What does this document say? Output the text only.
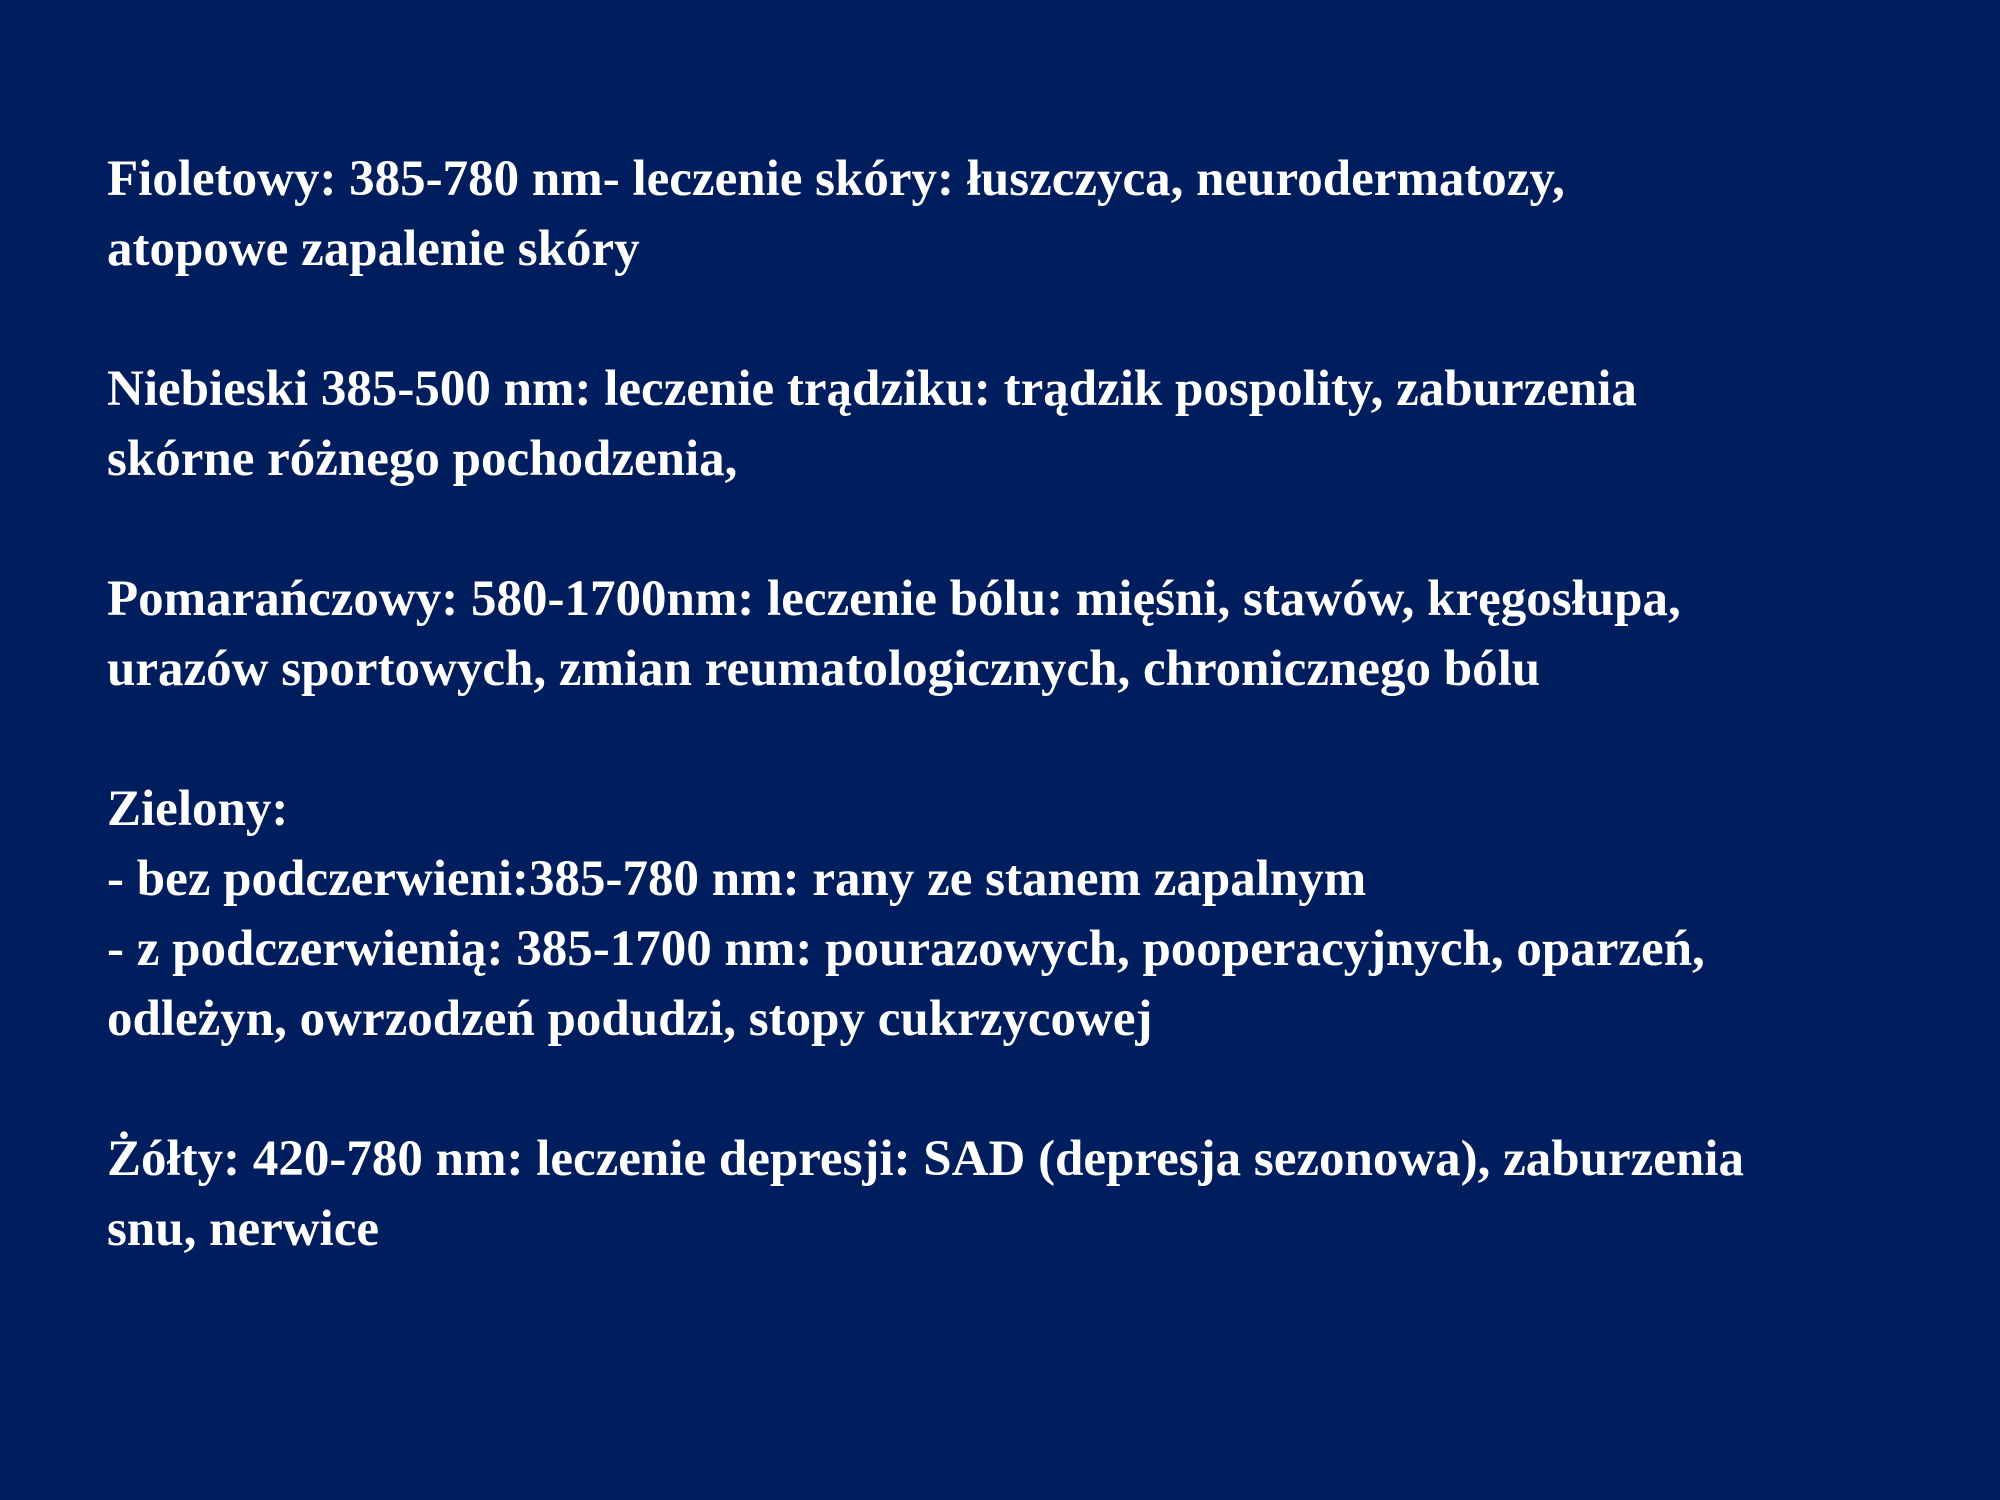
Fioletowy: 385-780 nm- leczenie skóry: łuszczyca, neurodermatozy,
atopowe zapalenie skóry
Niebieski 385-500 nm: leczenie trądziku: trądzik pospolity, zaburzenia
skórne różnego pochodzenia,
Pomarańczowy: 580-1700nm: leczenie bólu: mięśni, stawów, kręgosłupa,
urazów sportowych, zmian reumatologicznych, chronicznego bólu
Zielony:
- bez podczerwieni:385-780 nm: rany ze stanem zapalnym
- z podczerwienią: 385-1700 nm: pourazowych, pooperacyjnych, oparzeń,
odleżyn, owrzodzeń podudzi, stopy cukrzycowej
Żółty: 420-780 nm: leczenie depresji: SAD (depresja sezonowa), zaburzenia
snu, nerwice
